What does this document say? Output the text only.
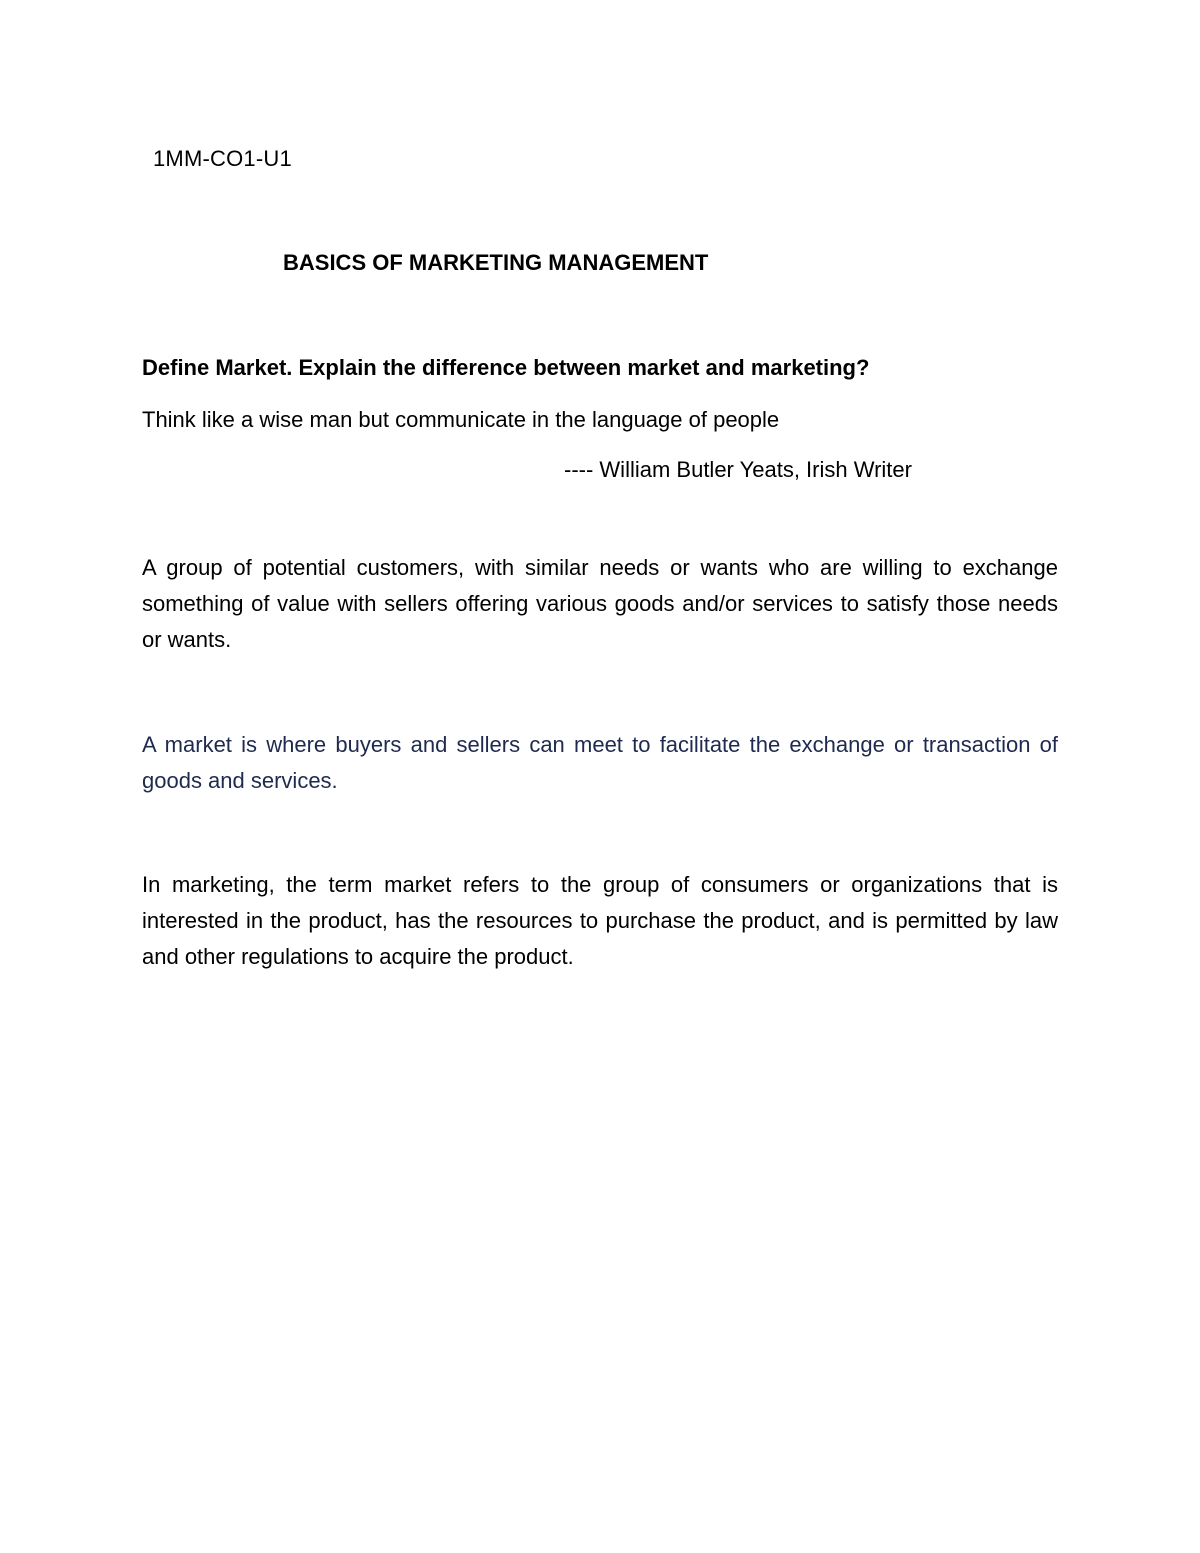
1MM-CO1-U1
BASICS OF MARKETING MANAGEMENT
Define Market. Explain the difference between market and marketing?
Think like a wise man but communicate in the language of people
---- William Butler Yeats, Irish Writer
A group of potential customers, with similar needs or wants who are willing to exchange something of value with sellers offering various goods and/or services to satisfy those needs or wants.
A market is where buyers and sellers can meet to facilitate the exchange or transaction of goods and services.
In marketing, the term market refers to the group of consumers or organizations that is interested in the product, has the resources to purchase the product, and is permitted by law and other regulations to acquire the product.
